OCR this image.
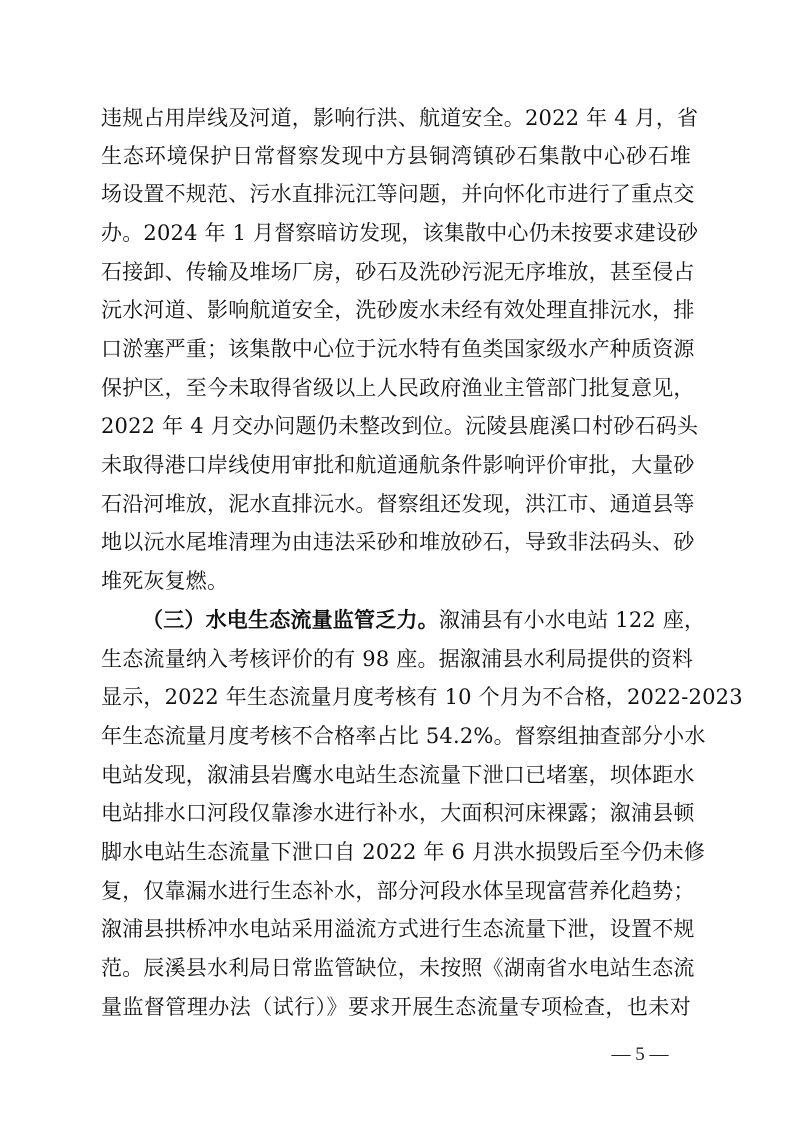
违规占用岸线及河道，影响行洪、航道安全。2022 年 4 月，省
生态环境保护日常督察发现中方县铜湾镇砂石集散中心砂石堆
场设置不规范、污水直排沅江等问题，并向怀化市进行了重点交
办。2024 年 1 月督察暗访发现，该集散中心仍未按要求建设砂
石接卸、传输及堆场厂房，砂石及洗砂污泥无序堆放，甚至侵占
沅水河道、影响航道安全，洗砂废水未经有效处理直排沅水，排
口淤塞严重；该集散中心位于沅水特有鱼类国家级水产种质资源
保护区，至今未取得省级以上人民政府渔业主管部门批复意见，
2022 年 4 月交办问题仍未整改到位。沅陵县鹿溪口村砂石码头
未取得港口岸线使用审批和航道通航条件影响评价审批，大量砂
石沿河堆放，泥水直排沅水。督察组还发现，洪江市、通道县等
地以沅水尾堆清理为由违法采砂和堆放砂石，导致非法码头、砂
堆死灰复燃。
（三）水电生态流量监管乏力。溆浦县有小水电站 122 座，
生态流量纳入考核评价的有 98 座。据溆浦县水利局提供的资料
显示，2022 年生态流量月度考核有 10 个月为不合格，2022-2023
年生态流量月度考核不合格率占比 54.2%。督察组抽查部分小水
电站发现，溆浦县岩鹰水电站生态流量下泄口已堵塞，坝体距水
电站排水口河段仅靠渗水进行补水，大面积河床裸露；溆浦县顿
脚水电站生态流量下泄口自 2022 年 6 月洪水损毁后至今仍未修
复，仅靠漏水进行生态补水，部分河段水体呈现富营养化趋势；
溆浦县拱桥冲水电站采用溢流方式进行生态流量下泄，设置不规
范。辰溪县水利局日常监管缺位，未按照《湖南省水电站生态流
量监督管理办法（试行）》要求开展生态流量专项检查，也未对
— 5 —
